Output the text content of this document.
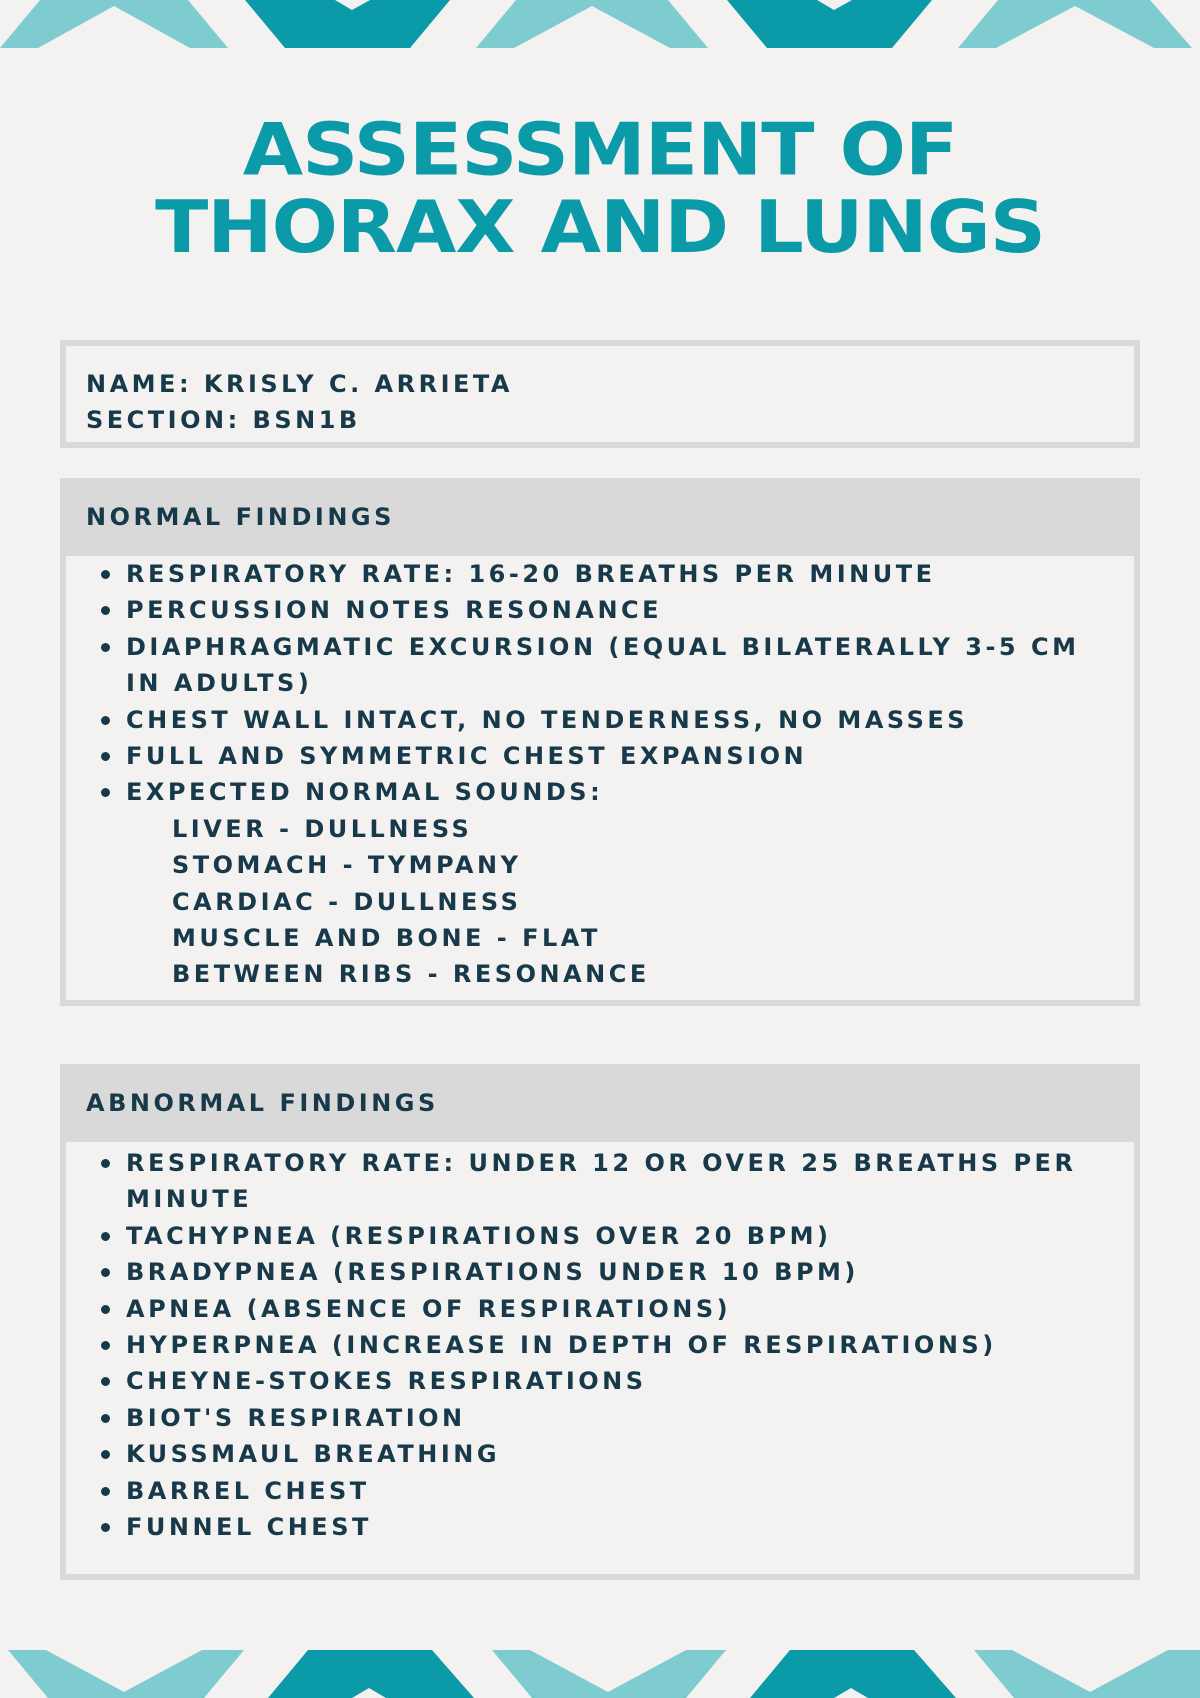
ASSESSMENT OF
THORAX AND LUNGS
NAME: KRISLY C. ARRIETA
SECTION: BSN1B
NORMAL FINDINGS
RESPIRATORY RATE: 16-20 BREATHS PER MINUTE
PERCUSSION NOTES RESONANCE
DIAPHRAGMATIC EXCURSION (EQUAL BILATERALLY 3-5 CM IN ADULTS)
CHEST WALL INTACT, NO TENDERNESS, NO MASSES
FULL AND SYMMETRIC CHEST EXPANSION
EXPECTED NORMAL SOUNDS:
LIVER - DULLNESS
STOMACH - TYMPANY
CARDIAC - DULLNESS
MUSCLE AND BONE - FLAT
BETWEEN RIBS - RESONANCE
ABNORMAL FINDINGS
RESPIRATORY RATE: UNDER 12 OR OVER 25 BREATHS PER MINUTE
TACHYPNEA (RESPIRATIONS OVER 20 BPM)
BRADYPNEA (RESPIRATIONS UNDER 10 BPM)
APNEA (ABSENCE OF RESPIRATIONS)
HYPERPNEA (INCREASE IN DEPTH OF RESPIRATIONS)
CHEYNE-STOKES RESPIRATIONS
BIOT'S RESPIRATION
KUSSMAUL BREATHING
BARREL CHEST
FUNNEL CHEST
